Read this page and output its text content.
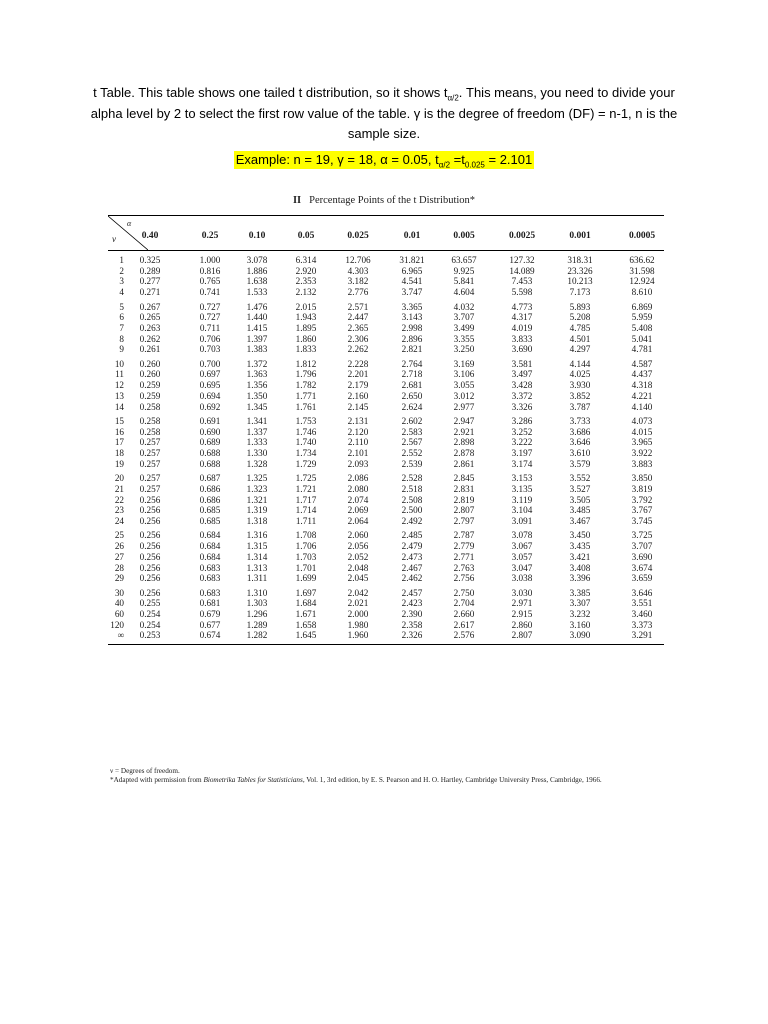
t Table. This table shows one tailed t distribution, so it shows $t_{\alpha/2}$. This means, you need to divide your alpha level by 2 to select the first row value of the table. γ is the degree of freedom (DF) = n-1, n is the sample size.
Example: n = 19, γ = 18, α = 0.05, $t_{\alpha/2} =t_{0.025} = 2.101$
II Percentage Points of the t Distribution*
α
ν	0.40	0.25	0.10	0.05	0.025	0.01	0.005	0.0025	0.001	0.0005
1	0.325	1.000	3.078	6.314	12.706	31.821	63.657	127.32	318.31	636.62
2	0.289	0.816	1.886	2.920	4.303	6.965	9.925	14.089	23.326	31.598
3	0.277	0.765	1.638	2.353	3.182	4.541	5.841	7.453	10.213	12.924
4	0.271	0.741	1.533	2.132	2.776	3.747	4.604	5.598	7.173	8.610
5	0.267	0.727	1.476	2.015	2.571	3.365	4.032	4.773	5.893	6.869
6	0.265	0.727	1.440	1.943	2.447	3.143	3.707	4.317	5.208	5.959
7	0.263	0.711	1.415	1.895	2.365	2.998	3.499	4.019	4.785	5.408
8	0.262	0.706	1.397	1.860	2.306	2.896	3.355	3.833	4.501	5.041
9	0.261	0.703	1.383	1.833	2.262	2.821	3.250	3.690	4.297	4.781
10	0.260	0.700	1.372	1.812	2.228	2.764	3.169	3.581	4.144	4.587
11	0.260	0.697	1.363	1.796	2.201	2.718	3.106	3.497	4.025	4.437
12	0.259	0.695	1.356	1.782	2.179	2.681	3.055	3.428	3.930	4.318
13	0.259	0.694	1.350	1.771	2.160	2.650	3.012	3.372	3.852	4.221
14	0.258	0.692	1.345	1.761	2.145	2.624	2.977	3.326	3.787	4.140
15	0.258	0.691	1.341	1.753	2.131	2.602	2.947	3.286	3.733	4.073
16	0.258	0.690	1.337	1.746	2.120	2.583	2.921	3.252	3.686	4.015
17	0.257	0.689	1.333	1.740	2.110	2.567	2.898	3.222	3.646	3.965
18	0.257	0.688	1.330	1.734	2.101	2.552	2.878	3.197	3.610	3.922
19	0.257	0.688	1.328	1.729	2.093	2.539	2.861	3.174	3.579	3.883
20	0.257	0.687	1.325	1.725	2.086	2.528	2.845	3.153	3.552	3.850
21	0.257	0.686	1.323	1.721	2.080	2.518	2.831	3.135	3.527	3.819
22	0.256	0.686	1.321	1.717	2.074	2.508	2.819	3.119	3.505	3.792
23	0.256	0.685	1.319	1.714	2.069	2.500	2.807	3.104	3.485	3.767
24	0.256	0.685	1.318	1.711	2.064	2.492	2.797	3.091	3.467	3.745
25	0.256	0.684	1.316	1.708	2.060	2.485	2.787	3.078	3.450	3.725
26	0.256	0.684	1.315	1.706	2.056	2.479	2.779	3.067	3.435	3.707
27	0.256	0.684	1.314	1.703	2.052	2.473	2.771	3.057	3.421	3.690
28	0.256	0.683	1.313	1.701	2.048	2.467	2.763	3.047	3.408	3.674
29	0.256	0.683	1.311	1.699	2.045	2.462	2.756	3.038	3.396	3.659
30	0.256	0.683	1.310	1.697	2.042	2.457	2.750	3.030	3.385	3.646
40	0.255	0.681	1.303	1.684	2.021	2.423	2.704	2.971	3.307	3.551
60	0.254	0.679	1.296	1.671	2.000	2.390	2.660	2.915	3.232	3.460
120	0.254	0.677	1.289	1.658	1.980	2.358	2.617	2.860	3.160	3.373
∞	0.253	0.674	1.282	1.645	1.960	2.326	2.576	2.807	3.090	3.291
ν = Degrees of freedom.
*Adapted with permission from Biometrika Tables for Statisticians, Vol. 1, 3rd edition, by E. S. Pearson and H. O. Hartley, Cambridge University Press, Cambridge, 1966.
